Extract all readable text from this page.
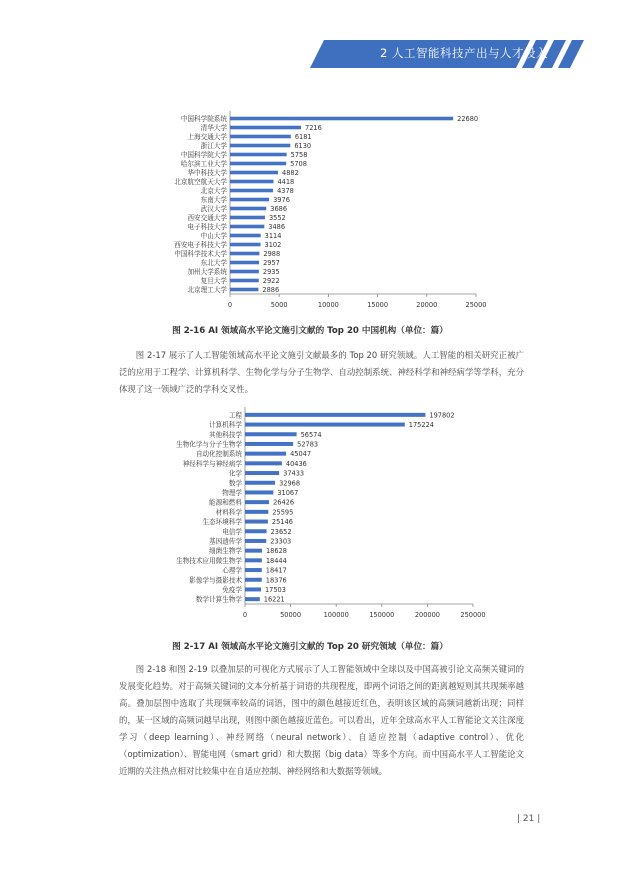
2 人工智能科技产出与人才投入
中国科学院系统	22680
清华大学	7216
上海交通大学	6181
浙江大学	6130
中国科学院大学	5758
哈尔滨工业大学	5708
华中科技大学	4882
北京航空航天大学	4418
北京大学	4378
东南大学	3976
武汉大学	3686
西安交通大学	3552
电子科技大学	3486
中山大学	3114
西安电子科技大学	3102
中国科学技术大学	2988
东北大学	2957
加州大学系统	2935
复旦大学	2922
北京理工大学	2886
0	5000	10000	15000	20000	25000
图 2-16 AI 领域高水平论文施引文献的 Top 20 中国机构（单位：篇）

图 2-17 展示了人工智能领域高水平论文施引文献最多的 Top 20 研究领域。人工智能的相关研究正被广泛的应用于工程学、计算机科学、生物化学与分子生物学、自动控制系统、神经科学和神经病学等学科，充分体现了这一领域广泛的学科交叉性。

工程	197802
计算机科学	175224
其他科技学	56574
生物化学与分子生物学	52783
自动化控制系统	45047
神经科学与神经病学	40436
化学	37433
数学	32968
物理学	31067
能源和燃料	26426
材料科学	25595
生态环境科学	25146
电信学	23652
基因遗传学	23303
细菌生物学	18628
生物技术应用微生物学	18444
心理学	18417
影像学与摄影技术	18376
免疫学	17503
数学计算生物学	16221
0	50000	100000	150000	200000	250000
图 2-17 AI 领域高水平论文施引文献的 Top 20 研究领域（单位：篇）

图 2-18 和图 2-19 以叠加层的可视化方式展示了人工智能领域中全球以及中国高被引论文高频关键词的发展变化趋势。对于高频关键词的文本分析基于词语的共现程度，即两个词语之间的距离越短则其共现频率越高。叠加层图中选取了共现频率较高的词语，图中的颜色越接近红色，表明该区域的高频词越新出现；同样的，某一区域的高频词越早出现，则图中颜色越接近蓝色。可以看出，近年全球高水平人工智能论文关注深度学习（deep learning）、神经网络（neural network）、自适应控制（adaptive control）、优化（optimization）、智能电网（smart grid）和大数据（big data）等多个方向。而中国高水平人工智能论文近期的关注热点相对比较集中在自适应控制、神经网络和大数据等领域。

| 21 |
